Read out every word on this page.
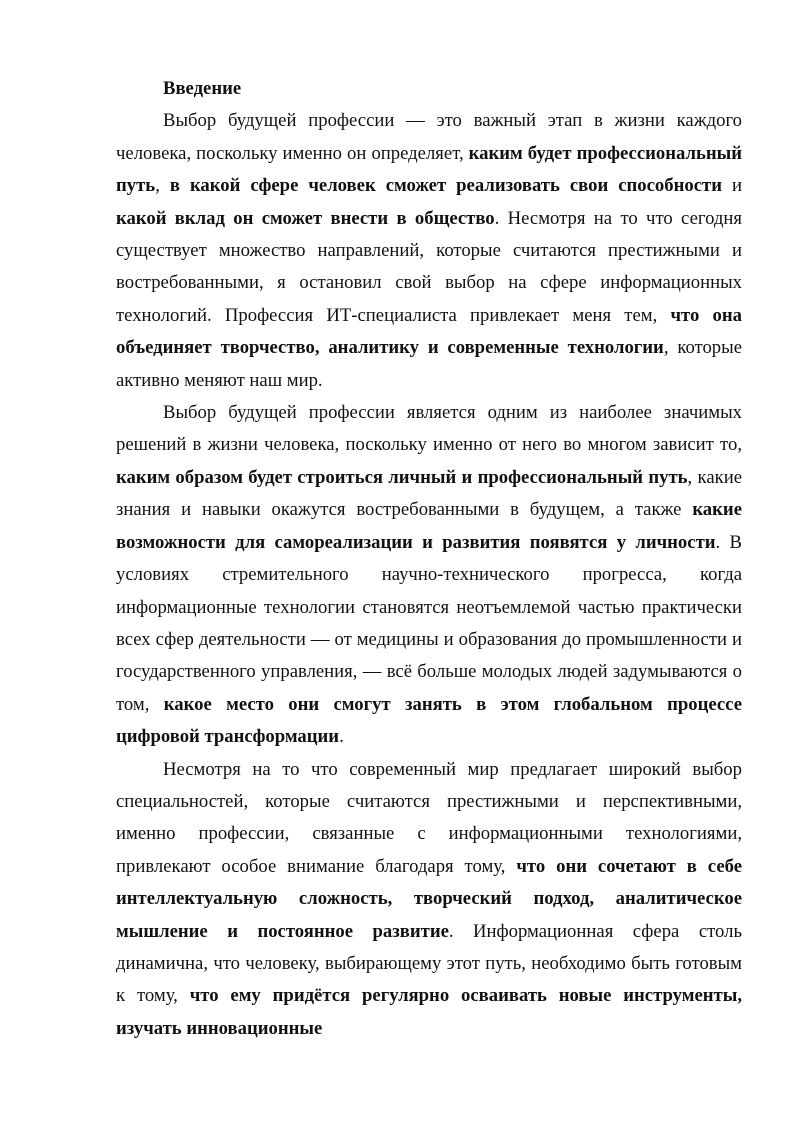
Введение

Выбор будущей профессии — это важный этап в жизни каждого человека, поскольку именно он определяет, каким будет профессиональный путь, в какой сфере человек сможет реализовать свои способности и какой вклад он сможет внести в общество. Несмотря на то что сегодня существует множество направлений, которые считаются престижными и востребованными, я остановил свой выбор на сфере информационных технологий. Профессия ИТ-специалиста привлекает меня тем, что она объединяет творчество, аналитику и современные технологии, которые активно меняют наш мир.

Выбор будущей профессии является одним из наиболее значимых решений в жизни человека, поскольку именно от него во многом зависит то, каким образом будет строиться личный и профессиональный путь, какие знания и навыки окажутся востребованными в будущем, а также какие возможности для самореализации и развития появятся у личности. В условиях стремительного научно-технического прогресса, когда информационные технологии становятся неотъемлемой частью практически всех сфер деятельности — от медицины и образования до промышленности и государственного управления, — всё больше молодых людей задумываются о том, какое место они смогут занять в этом глобальном процессе цифровой трансформации.

Несмотря на то что современный мир предлагает широкий выбор специальностей, которые считаются престижными и перспективными, именно профессии, связанные с информационными технологиями, привлекают особое внимание благодаря тому, что они сочетают в себе интеллектуальную сложность, творческий подход, аналитическое мышление и постоянное развитие. Информационная сфера столь динамична, что человеку, выбирающему этот путь, необходимо быть готовым к тому, что ему придётся регулярно осваивать новые инструменты, изучать инновационные
